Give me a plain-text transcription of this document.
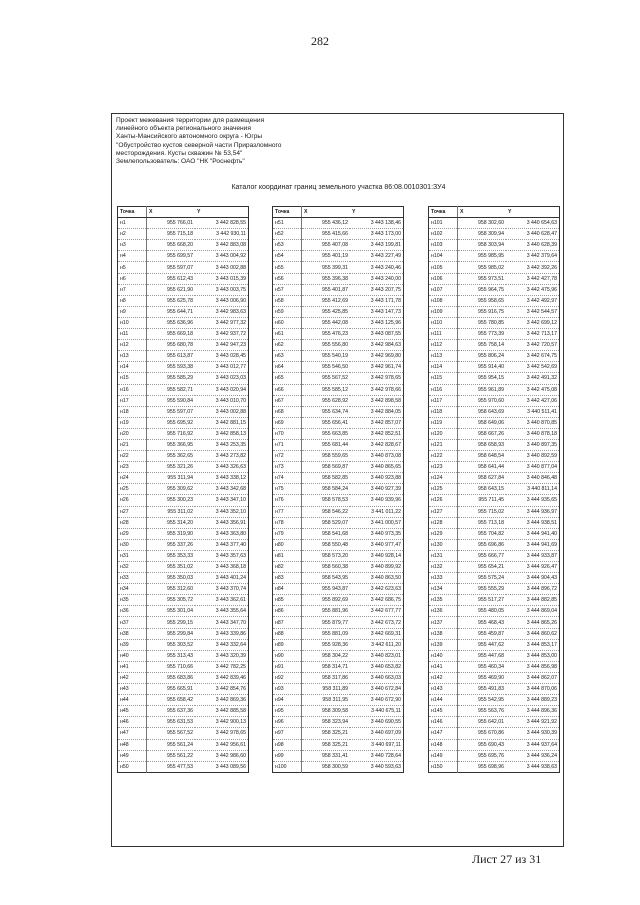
282
Проект межевания территории для размещения
линейного объекта регионального значения
Ханты-Мансийского автономного округа - Югры
"Обустройство кустов северной части Приразломного
месторождения. Кусты скважин № 53,54"
Землепользователь: ОАО "НК "Роснефть"
Каталог координат границ земельного участка 86:08.0010301:ЗУ4
Точка	X	Y
н1	955 766,01	3 442 828,55
н2	955 715,18	3 442 930,11
н3	955 668,20	3 442 883,08
н4	955 699,57	3 443 004,92
н5	955 597,07	3 443 002,88
н6	955 612,43	3 443 015,39
н7	955 621,90	3 443 003,75
н8	955 625,78	3 443 006,90
н9	955 644,71	3 442 983,63
н10	955 636,96	3 442 977,32
н11	955 669,18	3 442 937,72
н12	955 680,78	3 442 947,23
н13	955 613,87	3 443 028,45
н14	955 593,38	3 443 012,77
н15	955 585,29	3 443 023,03
н16	955 582,71	3 443 020,94
н17	955 590,84	3 443 010,70
н18	955 597,07	3 443 002,88
н19	955 695,92	3 442 881,15
н20	955 716,92	3 442 858,13
н21	955 366,95	3 443 253,35
н22	955 362,65	3 443 273,82
н23	955 321,26	3 443 326,63
н24	955 311,94	3 443 338,12
н25	955 309,62	3 443 342,68
н26	955 300,23	3 443 347,10
н27	955 311,02	3 443 352,10
н28	955 314,20	3 443 356,91
н29	955 319,90	3 443 363,80
н30	955 337,26	3 443 377,40
н31	955 353,33	3 443 357,63
н32	955 351,02	3 443 368,18
н33	955 350,03	3 443 401,24
н34	955 312,60	3 443 370,74
н35	955 305,72	3 443 362,61
н36	955 301,04	3 443 355,64
н37	955 299,15	3 443 347,70
н38	955 299,84	3 443 339,86
н39	955 303,52	3 443 332,64
н40	955 313,43	3 443 320,39
н41	955 710,66	3 442 782,25
н42	955 683,86	3 442 839,46
н43	955 665,91	3 442 854,76
н44	955 658,42	3 442 869,36
н45	955 637,36	3 442 885,58
н46	955 631,53	3 442 900,13
н47	955 567,52	3 442 978,65
н48	955 561,24	3 442 956,61
н49	955 561,22	3 442 986,60
н50	955 477,53	3 443 089,56
Точка	X	Y
н51	955 436,12	3 443 138,46
н52	955 415,66	3 443 173,00
н53	955 407,08	3 443 199,81
н54	955 401,19	3 443 227,49
н55	955 399,31	3 443 240,46
н56	955 396,38	3 443 240,00
н57	955 401,87	3 443 207,75
н58	955 412,69	3 443 171,78
н59	955 425,85	3 443 147,73
н60	955 442,08	3 443 125,96
н61	955 476,23	3 443 087,55
н62	955 556,80	3 442 984,63
н63	955 540,19	3 442 969,80
н64	955 546,50	3 442 961,74
н65	955 567,52	3 442 978,65
н66	955 585,12	3 442 978,66
н67	955 628,92	3 442 898,58
н68	955 634,74	3 442 884,05
н69	955 656,41	3 442 857,07
н70	955 663,85	3 442 852,51
н71	955 681,44	3 442 828,67
н72	958 559,65	3 440 873,08
н73	958 569,87	3 440 865,65
н74	958 582,85	3 440 923,88
н75	958 584,24	3 440 927,39
н76	958 578,53	3 440 939,96
н77	958 546,22	3 441 011,22
н78	958 529,07	3 441 000,57
н79	958 541,68	3 440 973,35
н80	958 550,48	3 440 977,47
н81	958 573,20	3 440 928,14
н82	958 560,38	3 440 899,92
н83	958 543,95	3 440 863,50
н84	955 943,87	3 442 623,63
н85	955 892,69	3 442 686,75
н86	955 881,96	3 442 677,77
н87	955 879,77	3 442 673,72
н88	955 881,09	3 442 669,31
н89	955 928,36	3 442 611,20
н90	958 304,22	3 440 823,01
н91	958 314,71	3 440 653,82
н92	958 317,86	3 440 663,03
н93	958 311,89	3 440 672,84
н94	958 311,95	3 440 672,90
н95	958 309,58	3 440 675,11
н96	958 323,94	3 440 690,55
н97	958 325,21	3 440 697,09
н98	958 325,21	3 440 697,11
н99	958 331,41	3 440 728,64
н100	958 300,59	3 440 593,63
Точка	X	Y
н101	958 302,60	3 440 654,63
н102	958 309,94	3 440 628,47
н103	958 303,94	3 440 628,39
н104	955 985,95	3 442 379,64
н105	955 985,02	3 442 392,26
н106	955 973,51	3 442 427,78
н107	955 964,75	3 442 475,96
н108	955 958,65	3 442 492,97
н109	955 916,75	3 442 544,57
н110	955 780,85	3 442 699,12
н111	955 773,39	3 442 713,17
н112	955 758,14	3 442 720,57
н113	955 806,24	3 442 674,75
н114	955 914,40	3 442 542,69
н115	955 954,15	3 442 491,32
н116	955 961,89	3 442 475,08
н117	955 970,60	3 442 427,06
н118	958 643,69	3 440 511,41
н119	958 649,06	3 440 870,85
н120	958 667,26	3 440 878,18
н121	958 658,93	3 440 897,35
н122	958 648,54	3 440 892,59
н123	958 641,44	3 440 877,04
н124	958 627,84	3 440 846,48
н125	958 643,15	3 440 811,14
н126	955 711,45	3 444 935,65
н127	955 715,02	3 444 936,97
н128	955 713,18	3 444 938,51
н129	955 704,82	3 444 941,40
н130	955 696,86	3 444 941,69
н131	955 666,77	3 444 933,87
н132	955 654,21	3 444 926,47
н133	955 575,24	3 444 904,43
н134	955 555,29	3 444 896,72
н135	955 517,27	3 444 882,85
н136	955 480,05	3 444 869,04
н137	955 468,43	3 444 865,26
н138	955 459,87	3 444 860,62
н139	955 447,62	3 444 853,17
н140	955 447,68	3 444 853,00
н141	955 460,34	3 444 856,98
н142	955 469,90	3 444 862,07
н143	955 491,83	3 444 870,06
н144	955 542,95	3 444 889,23
н145	955 563,76	3 444 896,36
н146	955 642,01	3 444 921,92
н147	955 670,86	3 444 930,39
н148	955 690,43	3 444 937,64
н149	955 695,76	3 444 936,24
н150	955 698,96	3 444 938,63
Лист 27 из 31
